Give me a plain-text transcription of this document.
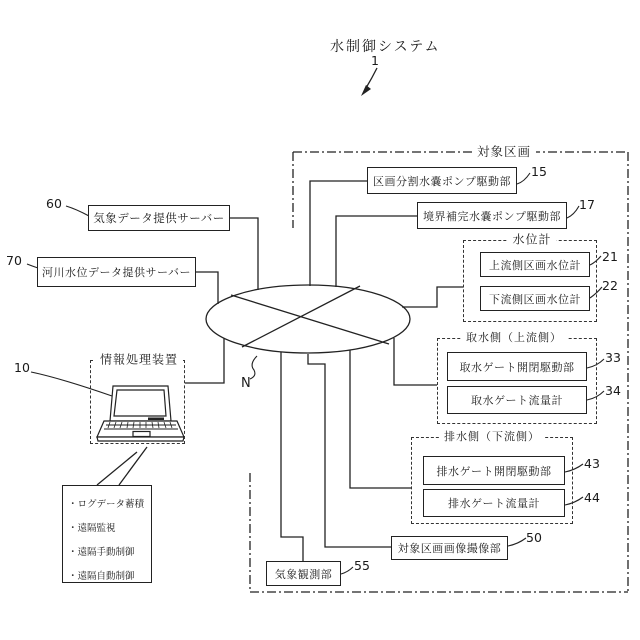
水制御システム
1
対象区画
水位計
取水側（上流側）
排水側（下流側）
情報処理装置
気象データ提供サーバー
河川水位データ提供サーバー
区画分割水嚢ポンプ駆動部
境界補完水嚢ポンプ駆動部
上流側区画水位計
下流側区画水位計
取水ゲート開閉駆動部
取水ゲート流量計
排水ゲート開閉駆動部
排水ゲート流量計
対象区画画像撮像部
気象観測部
・ログデータ蓄積
・遠隔監視
・遠隔手動制御
・遠隔自動制御
15
17
21
22
33
34
43
44
50
55
60
70
10
N
